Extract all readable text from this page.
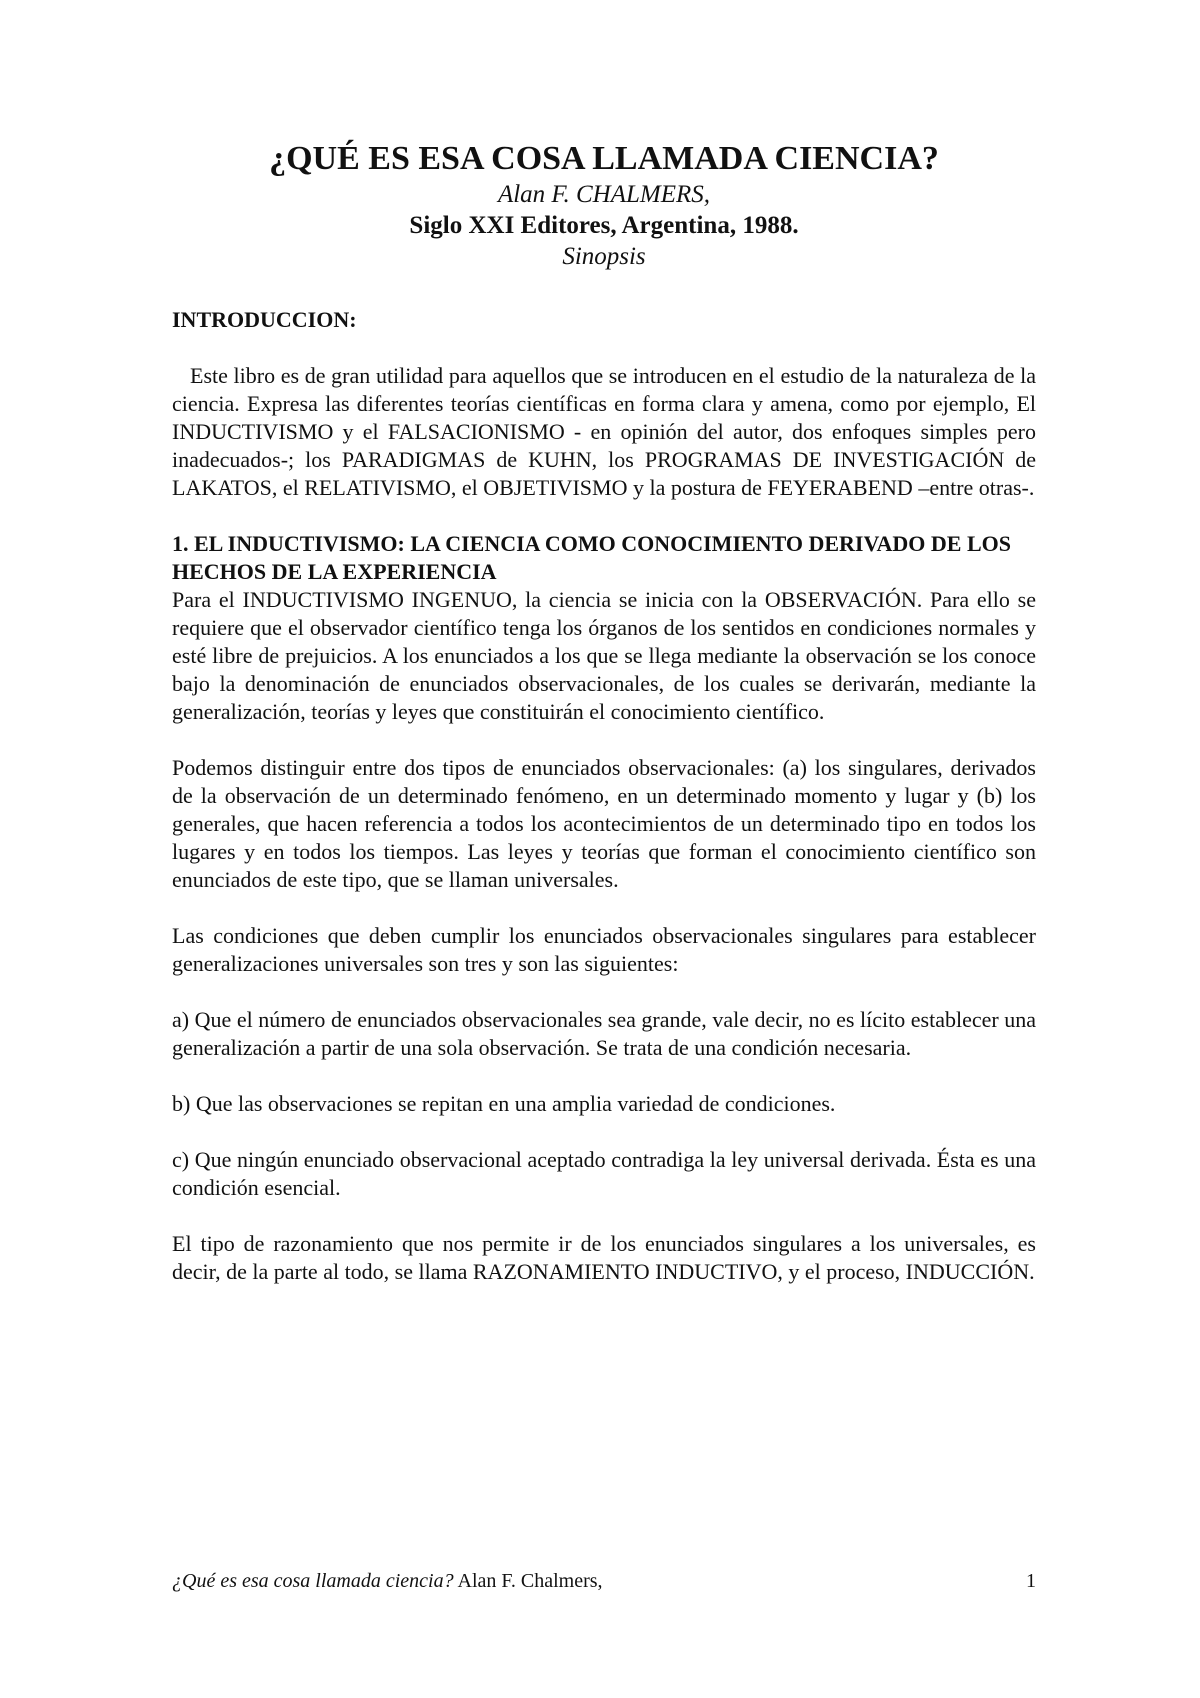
¿QUÉ ES ESA COSA LLAMADA CIENCIA?
Alan F. CHALMERS,
Siglo XXI Editores, Argentina, 1988.
Sinopsis
INTRODUCCION:

Este libro es de gran utilidad para aquellos que se introducen en el estudio de la naturaleza de la ciencia. Expresa las diferentes teorías científicas en forma clara y amena, como por ejemplo, El INDUCTIVISMO y el FALSACIONISMO - en opinión del autor, dos enfoques simples pero inadecuados-; los PARADIGMAS de KUHN, los PROGRAMAS DE INVESTIGACIÓN de LAKATOS, el RELATIVISMO, el OBJETIVISMO y la postura de FEYERABEND –entre otras-.

1. EL INDUCTIVISMO: LA CIENCIA COMO CONOCIMIENTO DERIVADO DE LOS HECHOS DE LA EXPERIENCIA

Para el INDUCTIVISMO INGENUO, la ciencia se inicia con la OBSERVACIÓN. Para ello se requiere que el observador científico tenga los órganos de los sentidos en condiciones normales y esté libre de prejuicios. A los enunciados a los que se llega mediante la observación se los conoce bajo la denominación de enunciados observacionales, de los cuales se derivarán, mediante la generalización, teorías y leyes que constituirán el conocimiento científico.

Podemos distinguir entre dos tipos de enunciados observacionales: (a) los singulares, derivados de la observación de un determinado fenómeno, en un determinado momento y lugar y (b) los generales, que hacen referencia a todos los acontecimientos de un determinado tipo en todos los lugares y en todos los tiempos. Las leyes y teorías que forman el conocimiento científico son enunciados de este tipo, que se llaman universales.

Las condiciones que deben cumplir los enunciados observacionales singulares para establecer generalizaciones universales son tres y son las siguientes:

a) Que el número de enunciados observacionales sea grande, vale decir, no es lícito establecer una generalización a partir de una sola observación. Se trata de una condición necesaria.

b) Que las observaciones se repitan en una amplia variedad de condiciones.

c) Que ningún enunciado observacional aceptado contradiga la ley universal derivada. Ésta es una condición esencial.

El tipo de razonamiento que nos permite ir de los enunciados singulares a los universales, es decir, de la parte al todo, se llama RAZONAMIENTO INDUCTIVO, y el proceso, INDUCCIÓN.

¿Qué es esa cosa llamada ciencia? Alan F. Chalmers,	1
